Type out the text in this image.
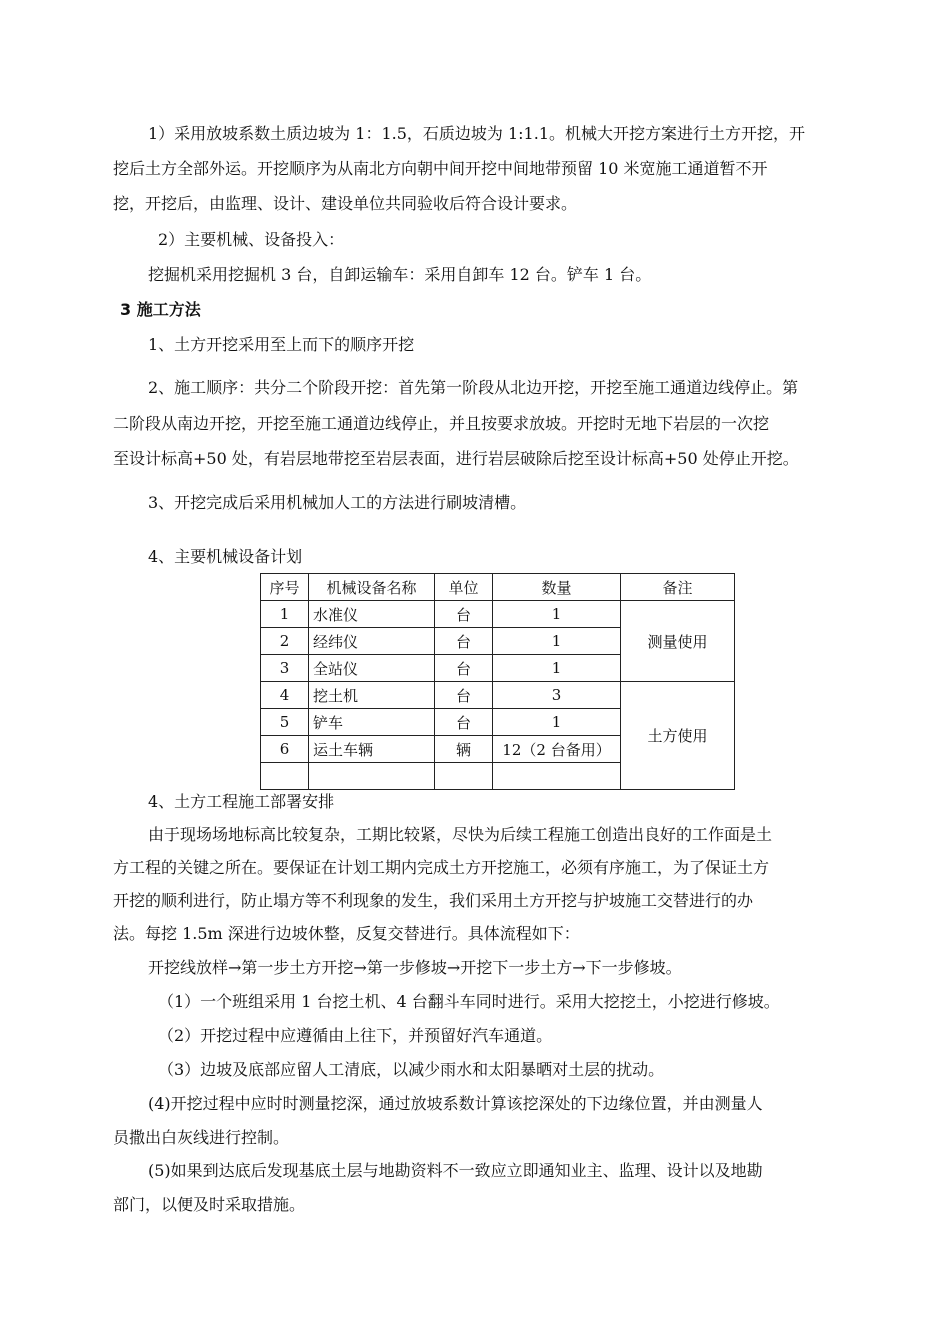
1）采用放坡系数土质边坡为 1：1.5，石质边坡为 1:1.1。机械大开挖方案进行土方开挖，开
挖后土方全部外运。开挖顺序为从南北方向朝中间开挖中间地带预留 10 米宽施工通道暂不开
挖，开挖后，由监理、设计、建设单位共同验收后符合设计要求。
2）主要机械、设备投入：
挖掘机采用挖掘机 3 台，自卸运输车：采用自卸车 12 台。铲车 1 台。
3 施工方法
1、土方开挖采用至上而下的顺序开挖
2、施工顺序：共分二个阶段开挖：首先第一阶段从北边开挖，开挖至施工通道边线停止。第
二阶段从南边开挖，开挖至施工通道边线停止，并且按要求放坡。开挖时无地下岩层的一次挖
至设计标高+50 处，有岩层地带挖至岩层表面，进行岩层破除后挖至设计标高+50 处停止开挖。
3、开挖完成后采用机械加人工的方法进行刷坡清槽。
4、主要机械设备计划
序号	机械设备名称	单位	数量	备注
1	水准仪	台	1	测量使用
2	经纬仪	台	1	
3	全站仪	台	1	
4	挖土机	台	3	土方使用
5	铲车	台	1	
6	运土车辆	辆	12（2 台备用）	

4、土方工程施工部署安排
由于现场场地标高比较复杂，工期比较紧，尽快为后续工程施工创造出良好的工作面是土
方工程的关键之所在。要保证在计划工期内完成土方开挖施工，必须有序施工，为了保证土方
开挖的顺利进行，防止塌方等不利现象的发生，我们采用土方开挖与护坡施工交替进行的办
法。每挖 1.5m 深进行边坡休整，反复交替进行。具体流程如下：
开挖线放样→第一步土方开挖→第一步修坡→开挖下一步土方→下一步修坡。
（1）一个班组采用 1 台挖土机、4 台翻斗车同时进行。采用大挖挖土，小挖进行修坡。
（2）开挖过程中应遵循由上往下，并预留好汽车通道。
（3）边坡及底部应留人工清底，以减少雨水和太阳暴晒对土层的扰动。
(4)开挖过程中应时时测量挖深，通过放坡系数计算该挖深处的下边缘位置，并由测量人
员撒出白灰线进行控制。
(5)如果到达底后发现基底土层与地勘资料不一致应立即通知业主、监理、设计以及地勘
部门，以便及时采取措施。
